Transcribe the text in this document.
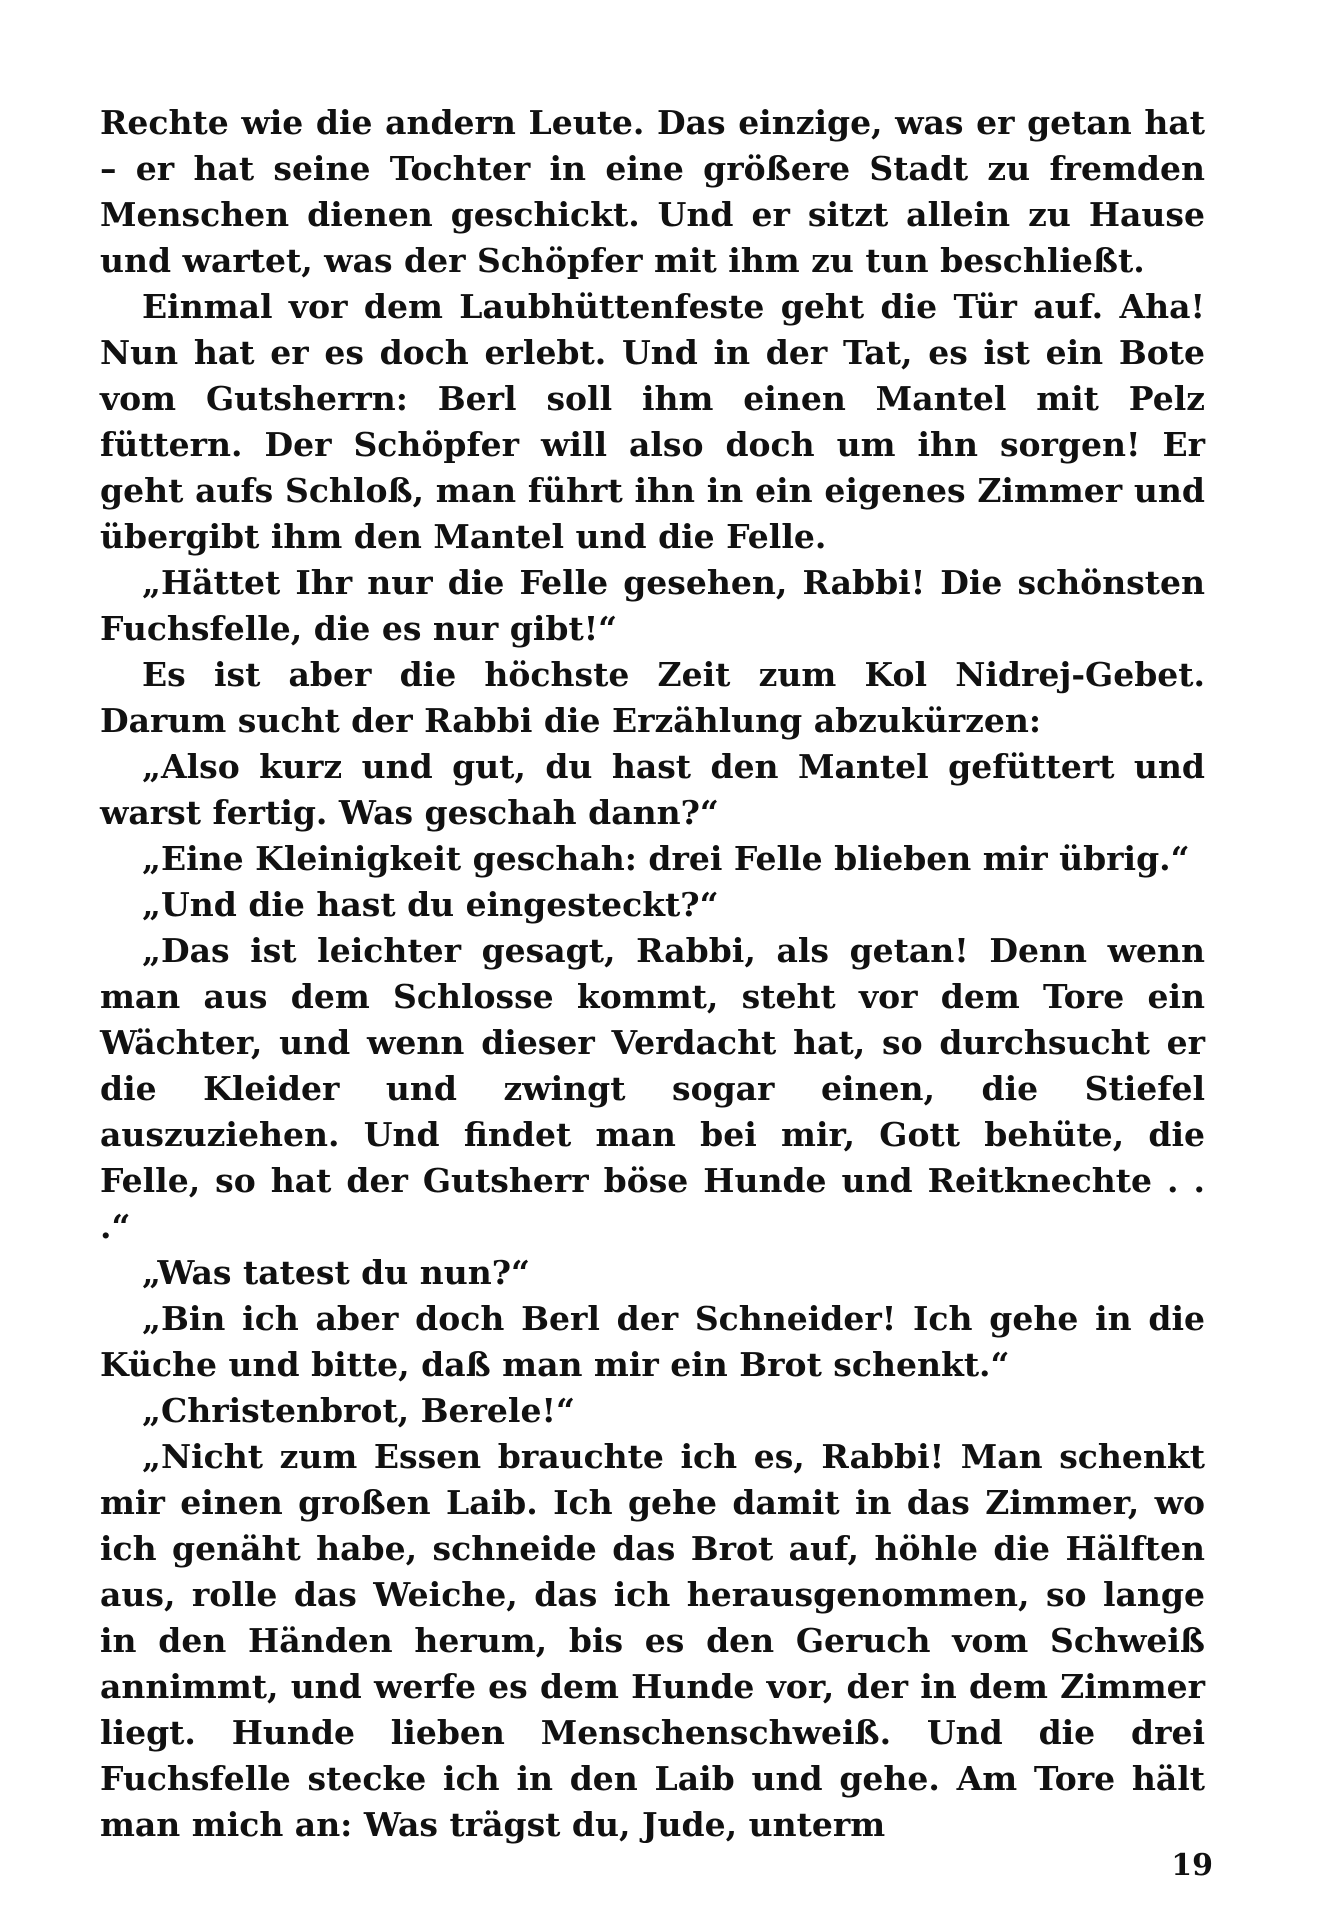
Rechte wie die andern Leute. Das einzige, was er getan hat – er hat seine Tochter in eine größere Stadt zu fremden Menschen dienen geschickt. Und er sitzt allein zu Hause und wartet, was der Schöpfer mit ihm zu tun beschließt.

Einmal vor dem Laubhüttenfeste geht die Tür auf. Aha! Nun hat er es doch erlebt. Und in der Tat, es ist ein Bote vom Gutsherrn: Berl soll ihm einen Mantel mit Pelz füttern. Der Schöpfer will also doch um ihn sorgen! Er geht aufs Schloß, man führt ihn in ein eigenes Zimmer und übergibt ihm den Mantel und die Felle.

„Hättet Ihr nur die Felle gesehen, Rabbi! Die schönsten Fuchsfelle, die es nur gibt!“

Es ist aber die höchste Zeit zum Kol Nidrej-Gebet. Darum sucht der Rabbi die Erzählung abzukürzen:

„Also kurz und gut, du hast den Mantel gefüttert und warst fertig. Was geschah dann?“

„Eine Kleinigkeit geschah: drei Felle blieben mir übrig.“

„Und die hast du eingesteckt?“

„Das ist leichter gesagt, Rabbi, als getan! Denn wenn man aus dem Schlosse kommt, steht vor dem Tore ein Wächter, und wenn dieser Verdacht hat, so durchsucht er die Kleider und zwingt sogar einen, die Stiefel auszuziehen. Und findet man bei mir, Gott behüte, die Felle, so hat der Gutsherr böse Hunde und Reitknechte . . .“

„Was tatest du nun?“

„Bin ich aber doch Berl der Schneider! Ich gehe in die Küche und bitte, daß man mir ein Brot schenkt.“

„Christenbrot, Berele!“

„Nicht zum Essen brauchte ich es, Rabbi! Man schenkt mir einen großen Laib. Ich gehe damit in das Zimmer, wo ich genäht habe, schneide das Brot auf, höhle die Hälften aus, rolle das Weiche, das ich herausgenommen, so lange in den Händen herum, bis es den Geruch vom Schweiß annimmt, und werfe es dem Hunde vor, der in dem Zimmer liegt. Hunde lieben Menschenschweiß. Und die drei Fuchsfelle stecke ich in den Laib und gehe. Am Tore hält man mich an: Was trägst du, Jude, unterm

19
